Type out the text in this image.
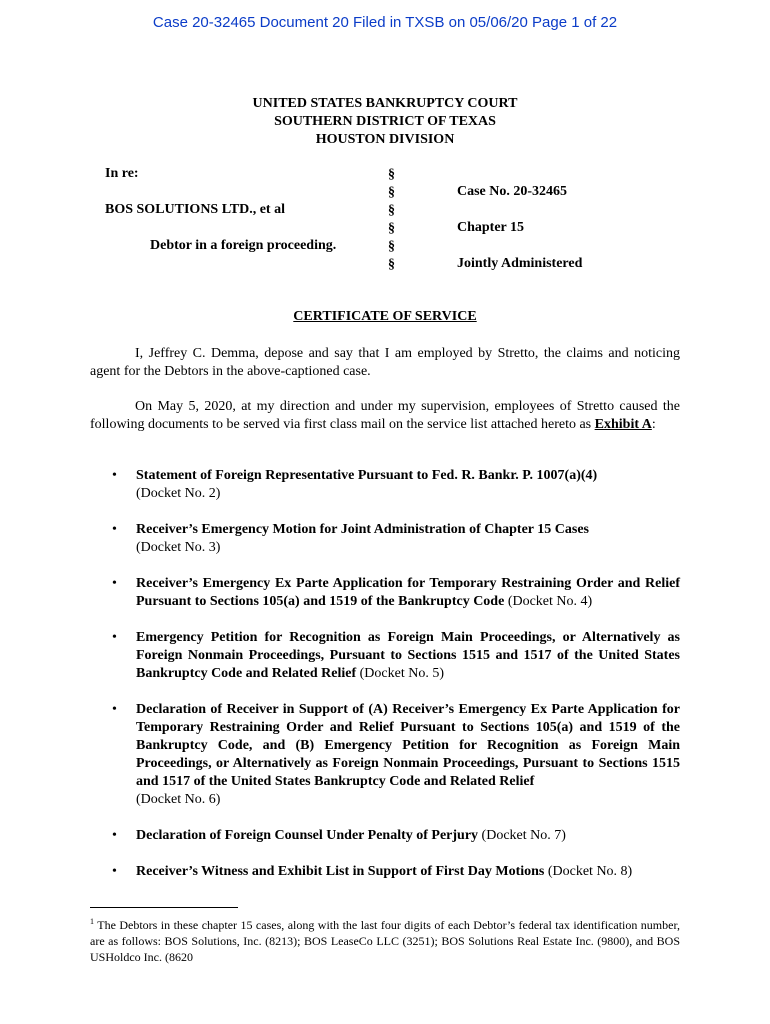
Case 20-32465 Document 20 Filed in TXSB on 05/06/20 Page 1 of 22
UNITED STATES BANKRUPTCY COURT
SOUTHERN DISTRICT OF TEXAS
HOUSTON DIVISION
In re:
BOS SOLUTIONS LTD., et al
Debtor in a foreign proceeding.
§
§
§
§
§
§
Case No. 20-32465
Chapter 15
Jointly Administered
CERTIFICATE OF SERVICE
I, Jeffrey C. Demma, depose and say that I am employed by Stretto, the claims and noticing agent for the Debtors in the above-captioned case.
On May 5, 2020, at my direction and under my supervision, employees of Stretto caused the following documents to be served via first class mail on the service list attached hereto as Exhibit A:
• Statement of Foreign Representative Pursuant to Fed. R. Bankr. P. 1007(a)(4)
(Docket No. 2)
• Receiver’s Emergency Motion for Joint Administration of Chapter 15 Cases
(Docket No. 3)
• Receiver’s Emergency Ex Parte Application for Temporary Restraining Order and Relief Pursuant to Sections 105(a) and 1519 of the Bankruptcy Code (Docket No. 4)
• Emergency Petition for Recognition as Foreign Main Proceedings, or Alternatively as Foreign Nonmain Proceedings, Pursuant to Sections 1515 and 1517 of the United States Bankruptcy Code and Related Relief (Docket No. 5)
• Declaration of Receiver in Support of (A) Receiver’s Emergency Ex Parte Application for Temporary Restraining Order and Relief Pursuant to Sections 105(a) and 1519 of the Bankruptcy Code, and (B) Emergency Petition for Recognition as Foreign Main Proceedings, or Alternatively as Foreign Nonmain Proceedings, Pursuant to Sections 1515 and 1517 of the United States Bankruptcy Code and Related Relief
(Docket No. 6)
• Declaration of Foreign Counsel Under Penalty of Perjury (Docket No. 7)
• Receiver’s Witness and Exhibit List in Support of First Day Motions (Docket No. 8)
$^1$ The Debtors in these chapter 15 cases, along with the last four digits of each Debtor’s federal tax identification number, are as follows: BOS Solutions, Inc. (8213); BOS LeaseCo LLC (3251); BOS Solutions Real Estate Inc. (9800), and BOS USHoldco Inc. (8620
